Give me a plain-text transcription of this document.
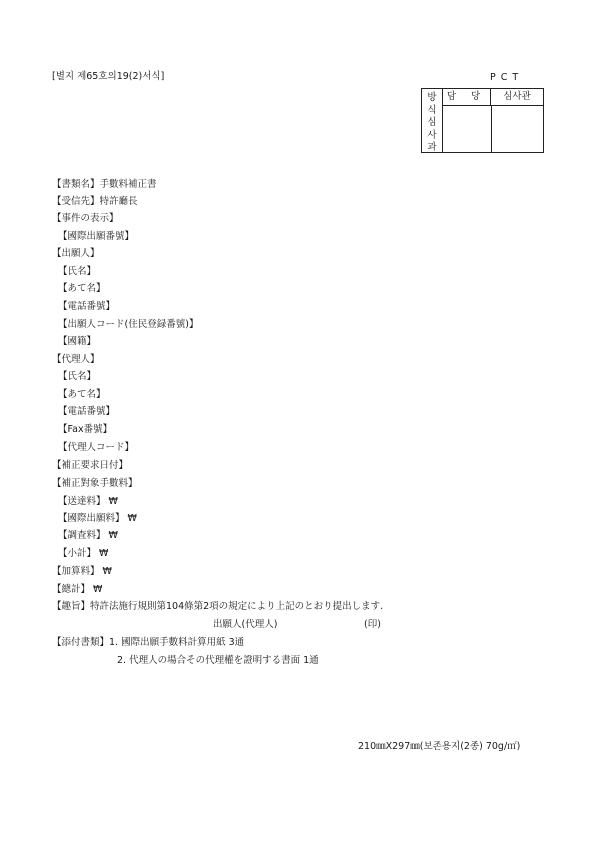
[별지 제65호의19(2)서식]	PCT
방
식
심
사
과
담 당	심사관
【書類名】手數料補正書
【受信先】特許廳長
【事件の表示】
【國際出願番號】
【出願人】
【氏名】
【あて名】
【電話番號】
【出願人コード(住民登録番號)】
【國籍】
【代理人】
【氏名】
【あて名】
【電話番號】
【Fax番號】
【代理人コード】
【補正要求日付】
【補正對象手數料】
【送達料】 ₩
【國際出願料】 ₩
【調査料】 ₩
【小計】 ₩
【加算料】 ₩
【總計】 ₩
【趣旨】特許法施行規則第104條第2項の規定により上記のとおり提出します.
出願人(代理人)	(印)
【添付書類】1. 國際出願手數料計算用紙 3通
2. 代理人の場合その代理權を證明する書面 1通
210㎜X297㎜(보존용지(2종) 70g/㎡)
